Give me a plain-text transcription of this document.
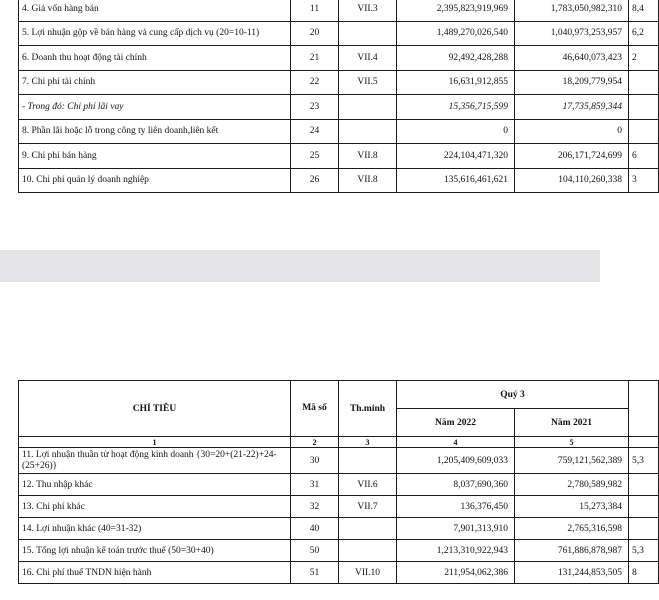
4. Giá vốn hàng bán	11	VII.3	2,395,823,919,969	1,783,050,982,310	8,4
5. Lợi nhuận gộp về bán hàng và cung cấp dịch vụ (20=10-11)	20		1,489,270,026,540	1,040,973,253,957	6,2
6. Doanh thu hoạt động tài chính	21	VII.4	92,492,428,288	46,640,073,423	2
7. Chi phí tài chính	22	VII.5	16,631,912,855	18,209,779,954	
- Trong đó: Chi phí lãi vay	23		15,356,715,599	17,735,859,344	
8. Phần lãi hoặc lỗ trong công ty liên doanh,liên kết	24		0	0	
9. Chi phí bán hàng	25	VII.8	224,104,471,320	206,171,724,699	6
10. Chi phí quản lý doanh nghiệp	26	VII.8	135,616,461,621	104,110,260,338	3
CHỈ TIÊU	Mã số	Th.minh	Quý 3		
			Năm 2022	Năm 2021	
1	2	3	4	5	
11. Lợi nhuận thuần từ hoạt động kinh doanh {30=20+(21-22)+24-(25+26)}	30		1,205,409,609,033	759,121,562,389	5,3
12. Thu nhập khác	31	VII.6	8,037,690,360	2,780,589,982	
13. Chi phí khác	32	VII.7	136,376,450	15,273,384	
14. Lợi nhuận khác (40=31-32)	40		7,901,313,910	2,765,316,598	
15. Tổng lợi nhuận kế toán trước thuế (50=30+40)	50		1,213,310,922,943	761,886,878,987	5,3
16. Chi phí thuế TNDN hiện hành	51	VII.10	211,954,062,386	131,244,853,505	8
